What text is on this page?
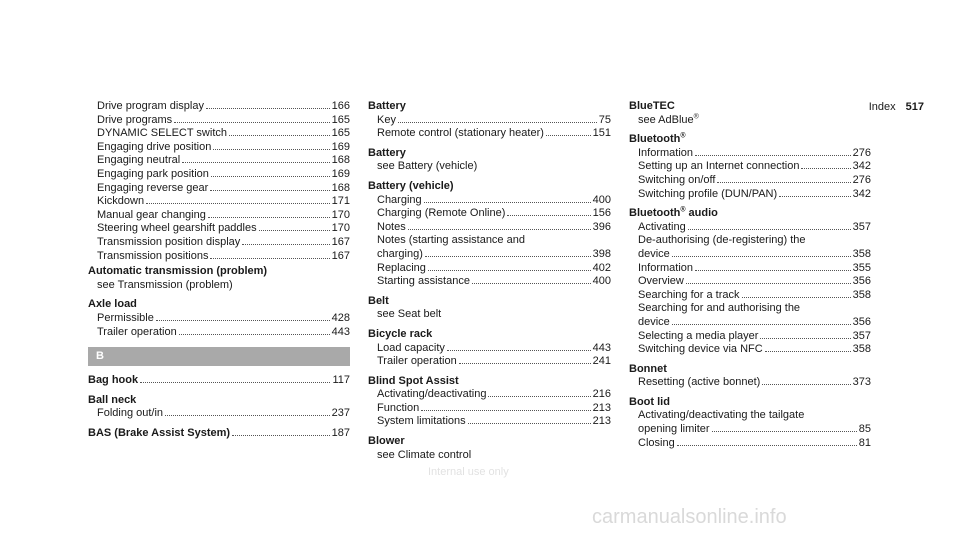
Index 517
Drive program display	166
Drive programs	165
DYNAMIC SELECT switch	165
Engaging drive position	169
Engaging neutral	168
Engaging park position	169
Engaging reverse gear	168
Kickdown	171
Manual gear changing	170
Steering wheel gearshift paddles	170
Transmission position display	167
Transmission positions	167
Automatic transmission (problem)
see Transmission (problem)
Axle load
Permissible	428
Trailer operation	443
B
Bag hook	117
Ball neck
Folding out/in	237
BAS (Brake Assist System)	187
Battery
Key	75
Remote control (stationary heater)	151
Battery
see Battery (vehicle)
Battery (vehicle)
Charging	400
Charging (Remote Online)	156
Notes	396
Notes (starting assistance and
charging)	398
Replacing	402
Starting assistance	400
Belt
see Seat belt
Bicycle rack
Load capacity	443
Trailer operation	241
Blind Spot Assist
Activating/deactivating	216
Function	213
System limitations	213
Blower
see Climate control
BlueTEC
see AdBlue®
Bluetooth®
Information	276
Setting up an Internet connection	342
Switching on/off	276
Switching profile (DUN/PAN)	342
Bluetooth® audio
Activating	357
De-authorising (de-registering) the
device	358
Information	355
Overview	356
Searching for a track	358
Searching for and authorising the
device	356
Selecting a media player	357
Switching device via NFC	358
Bonnet
Resetting (active bonnet)	373
Boot lid
Activating/deactivating the tailgate
opening limiter	85
Closing	81
Internal use only
carmanualsonline.info
